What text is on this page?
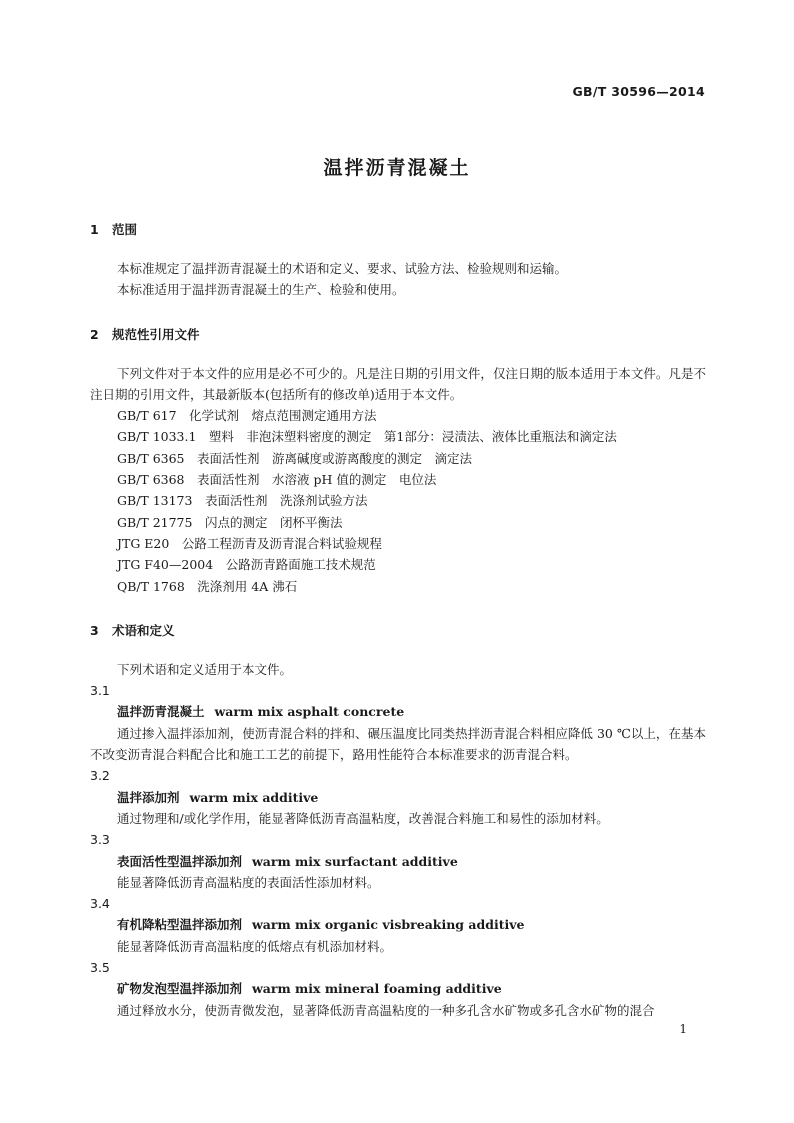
GB/T 30596—2014
温拌沥青混凝土
1 范围

本标准规定了温拌沥青混凝土的术语和定义、要求、试验方法、检验规则和运输。

本标准适用于温拌沥青混凝土的生产、检验和使用。

2 规范性引用文件

下列文件对于本文件的应用是必不可少的。凡是注日期的引用文件，仅注日期的版本适用于本文件。凡是不注日期的引用文件，其最新版本(包括所有的修改单)适用于本文件。

GB/T 617　化学试剂　熔点范围测定通用方法

GB/T 1033.1　塑料　非泡沫塑料密度的测定　第1部分：浸渍法、液体比重瓶法和滴定法

GB/T 6365　表面活性剂　游离碱度或游离酸度的测定　滴定法

GB/T 6368　表面活性剂　水溶液 pH 值的测定　电位法

GB/T 13173　表面活性剂　洗涤剂试验方法

GB/T 21775　闪点的测定　闭杯平衡法

JTG E20　公路工程沥青及沥青混合料试验规程

JTG F40—2004　公路沥青路面施工技术规范

QB/T 1768　洗涤剂用 4A 沸石

3 术语和定义

下列术语和定义适用于本文件。

3.1

温拌沥青混凝土 warm mix asphalt concrete

通过掺入温拌添加剂，使沥青混合料的拌和、碾压温度比同类热拌沥青混合料相应降低 30 ℃以上，在基本不改变沥青混合料配合比和施工工艺的前提下，路用性能符合本标准要求的沥青混合料。

3.2

温拌添加剂 warm mix additive

通过物理和/或化学作用，能显著降低沥青高温粘度，改善混合料施工和易性的添加材料。

3.3

表面活性型温拌添加剂 warm mix surfactant additive

能显著降低沥青高温粘度的表面活性添加材料。

3.4

有机降粘型温拌添加剂 warm mix organic visbreaking additive

能显著降低沥青高温粘度的低熔点有机添加材料。

3.5

矿物发泡型温拌添加剂 warm mix mineral foaming additive

通过释放水分，使沥青微发泡，显著降低沥青高温粘度的一种多孔含水矿物或多孔含水矿物的混合

1
